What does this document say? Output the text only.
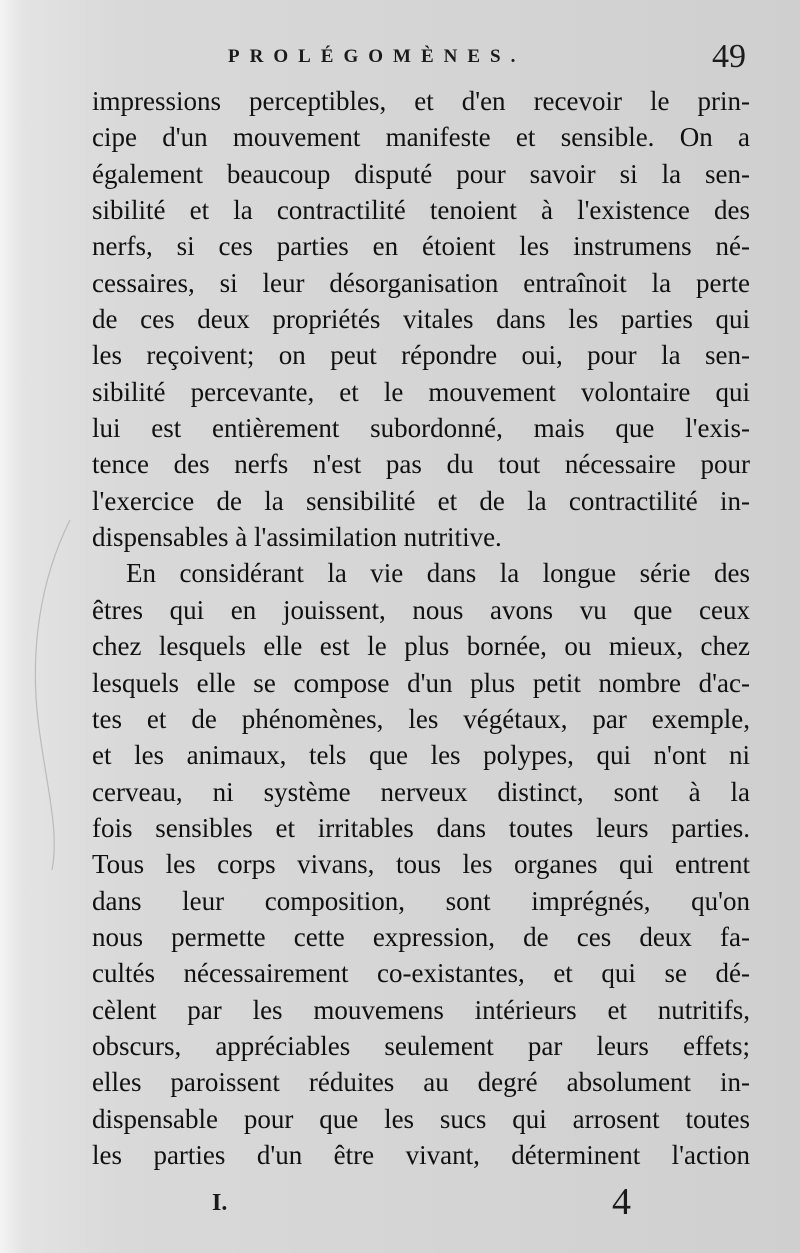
PROLÉGOMÈNES.	49
impressions perceptibles, et d'en recevoir le prin-
cipe d'un mouvement manifeste et sensible. On a
également beaucoup disputé pour savoir si la sen-
sibilité et la contractilité tenoient à l'existence des
nerfs, si ces parties en étoient les instrumens né-
cessaires, si leur désorganisation entraînoit la perte
de ces deux propriétés vitales dans les parties qui
les reçoivent; on peut répondre oui, pour la sen-
sibilité percevante, et le mouvement volontaire qui
lui est entièrement subordonné, mais que l'exis-
tence des nerfs n'est pas du tout nécessaire pour
l'exercice de la sensibilité et de la contractilité in-
dispensables à l'assimilation nutritive.
En considérant la vie dans la longue série des
êtres qui en jouissent, nous avons vu que ceux
chez lesquels elle est le plus bornée, ou mieux, chez
lesquels elle se compose d'un plus petit nombre d'ac-
tes et de phénomènes, les végétaux, par exemple,
et les animaux, tels que les polypes, qui n'ont ni
cerveau, ni système nerveux distinct, sont à la
fois sensibles et irritables dans toutes leurs parties.
Tous les corps vivans, tous les organes qui entrent
dans leur composition, sont imprégnés, qu'on
nous permette cette expression, de ces deux fa-
cultés nécessairement co-existantes, et qui se dé-
cèlent par les mouvemens intérieurs et nutritifs,
obscurs, appréciables seulement par leurs effets;
elles paroissent réduites au degré absolument in-
dispensable pour que les sucs qui arrosent toutes
les parties d'un être vivant, déterminent l'action
I.	4
